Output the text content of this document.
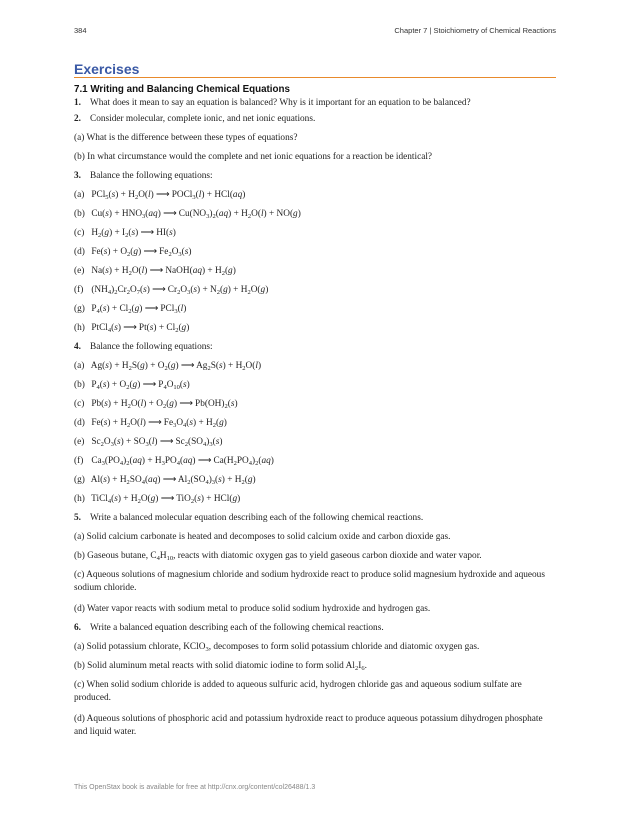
384	Chapter 7 | Stoichiometry of Chemical Reactions
Exercises
7.1 Writing and Balancing Chemical Equations
1. What does it mean to say an equation is balanced? Why is it important for an equation to be balanced?
2. Consider molecular, complete ionic, and net ionic equations.
(a) What is the difference between these types of equations?
(b) In what circumstance would the complete and net ionic equations for a reaction be identical?
3. Balance the following equations:
(a) $PCl_5(s) + H_2O(l)$ ⟶ POCl$_3$(l) + HCl(aq)
(b) $Cu(s) + HNO_3(aq)$ ⟶ $Cu(NO_3)_2(aq) + H_2O(l) + NO(g)$
(c) $H_2(g) + I_2(s)$ ⟶ HI(s)
(d) $Fe(s) + O_2(g)$ ⟶ $Fe_2O_3(s)$
(e) $Na(s) + H_2O(l)$ ⟶ NaOH(aq) + $H_2(g)$
(f) $(NH_4)_2Cr_2O_7(s)$ ⟶ $Cr_2O_3(s) + N_2(g) + H_2O(g)$
(g) $P_4(s) + Cl_2(g)$ ⟶ PCl$_3$(l)
(h) PtCl$_4$(s) ⟶ $Pt(s) + Cl_2(g)$
4. Balance the following equations:
(a) $Ag(s) + H_2S(g) + O_2(g)$ ⟶ $Ag_2S(s) + H_2O(l)$
(b) $P_4(s) + O_2(g)$ ⟶ $P_4O_{10}(s)$
(c) $Pb(s) + H_2O(l) + O_2(g)$ ⟶ $Pb(OH)_2(s)$
(d) $Fe(s) + H_2O(l)$ ⟶ $Fe_3O_4(s) + H_2(g)$
(e) $Sc_2O_3(s) + SO_3(l)$ ⟶ $Sc_2(SO_4)_3(s)$
(f) $Ca_3(PO_4)_2(aq) + H_3PO_4(aq)$ ⟶ $Ca(H_2PO_4)_2(aq)$
(g) $Al(s) + H_2SO_4(aq)$ ⟶ $Al_2(SO_4)_3(s) + H_2(g)$
(h) TiCl$_4$(s) + $H_2O(g)$ ⟶ TiO$_2$(s) + HCl(g)
5. Write a balanced molecular equation describing each of the following chemical reactions.
(a) Solid calcium carbonate is heated and decomposes to solid calcium oxide and carbon dioxide gas.
(b) Gaseous butane, $C_4H_{10}$, reacts with diatomic oxygen gas to yield gaseous carbon dioxide and water vapor.
(c) Aqueous solutions of magnesium chloride and sodium hydroxide react to produce solid magnesium hydroxide and aqueous sodium chloride.
(d) Water vapor reacts with sodium metal to produce solid sodium hydroxide and hydrogen gas.
6. Write a balanced equation describing each of the following chemical reactions.
(a) Solid potassium chlorate, KClO$_3$, decomposes to form solid potassium chloride and diatomic oxygen gas.
(b) Solid aluminum metal reacts with solid diatomic iodine to form solid $Al_2I_6$.
(c) When solid sodium chloride is added to aqueous sulfuric acid, hydrogen chloride gas and aqueous sodium sulfate are produced.
(d) Aqueous solutions of phosphoric acid and potassium hydroxide react to produce aqueous potassium dihydrogen phosphate and liquid water.
This OpenStax book is available for free at http://cnx.org/content/col26488/1.3
